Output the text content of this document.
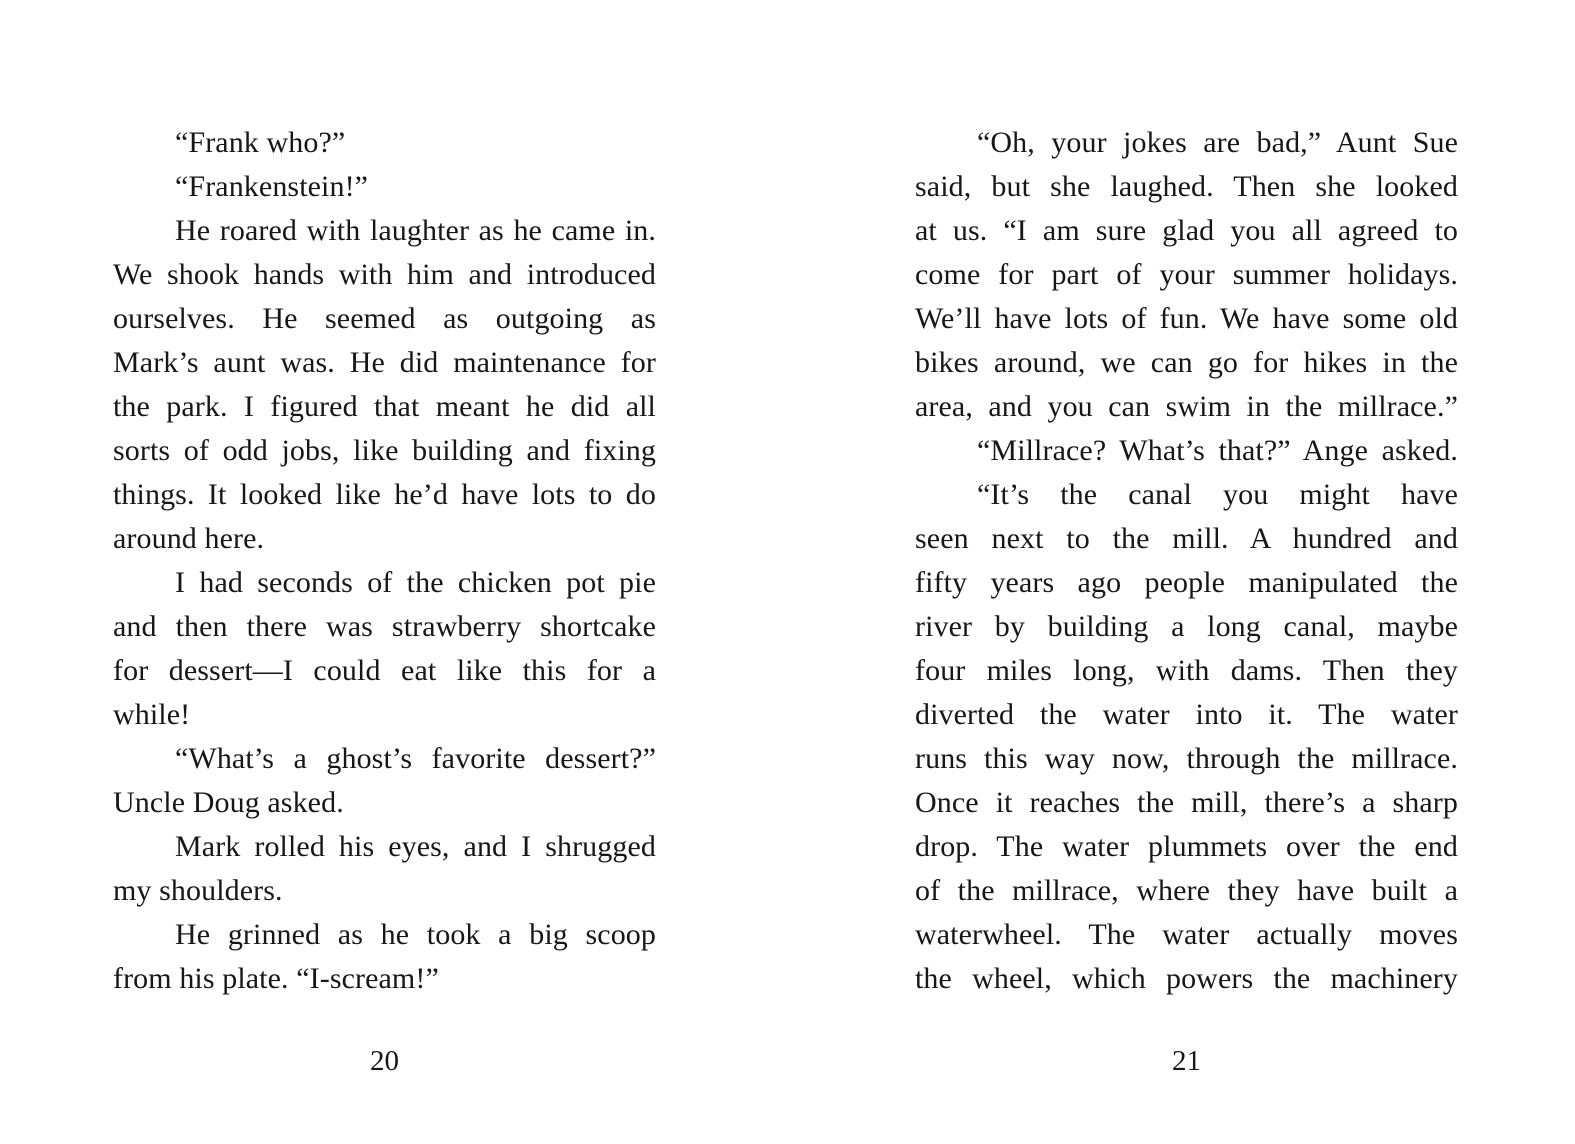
“Frank who?”

“Frankenstein!”

He roared with laughter as he came in.

We shook hands with him and introduced

ourselves. He seemed as outgoing as

Mark’s aunt was. He did maintenance for

the park. I figured that meant he did all

sorts of odd jobs, like building and fixing

things. It looked like he’d have lots to do

around here.

I had seconds of the chicken pot pie

and then there was strawberry shortcake

for dessert—I could eat like this for a

while!

“What’s a ghost’s favorite dessert?”

Uncle Doug asked.

Mark rolled his eyes, and I shrugged

my shoulders.

He grinned as he took a big scoop

from his plate. “I-scream!”

20

“Oh, your jokes are bad,” Aunt Sue

said, but she laughed. Then she looked

at us. “I am sure glad you all agreed to

come for part of your summer holidays.

We’ll have lots of fun. We have some old

bikes around, we can go for hikes in the

area, and you can swim in the millrace.”

“Millrace? What’s that?” Ange asked.

“It’s the canal you might have

seen next to the mill. A hundred and

fifty years ago people manipulated the

river by building a long canal, maybe

four miles long, with dams. Then they

diverted the water into it. The water

runs this way now, through the millrace.

Once it reaches the mill, there’s a sharp

drop. The water plummets over the end

of the millrace, where they have built a

waterwheel. The water actually moves

the wheel, which powers the machinery

21
